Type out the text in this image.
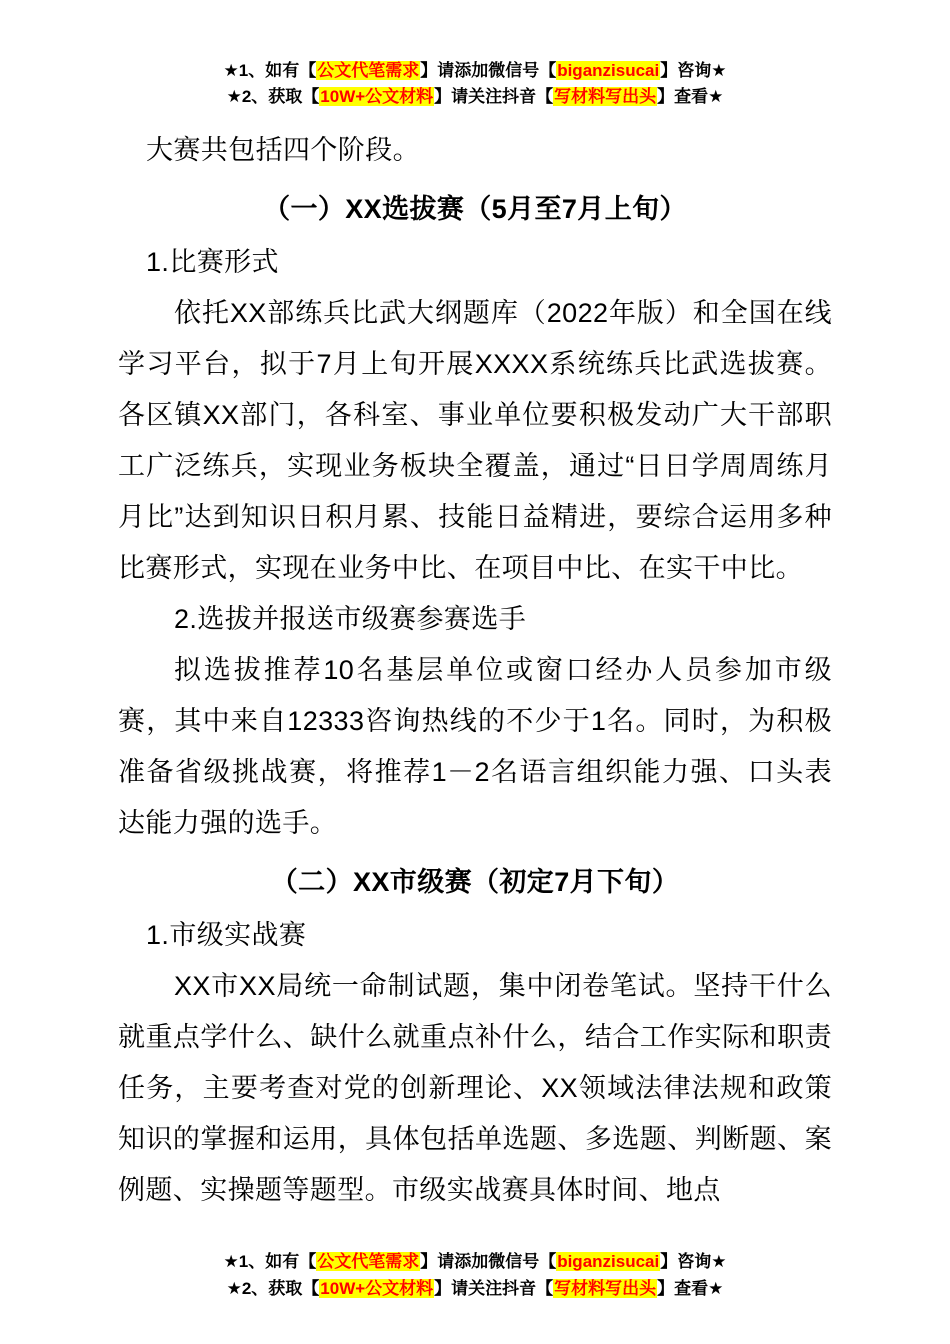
★1、如有【公文代笔需求】请添加微信号【biganzisucai】咨询★
★2、获取【10W+公文材料】请关注抖音【写材料写出头】查看★

大赛共包括四个阶段。

（一）XX选拔赛（5月至7月上旬）

1.比赛形式

依托XX部练兵比武大纲题库（2022年版）和全国在线学习平台，拟于7月上旬开展XXXX系统练兵比武选拔赛。各区镇XX部门，各科室、事业单位要积极发动广大干部职工广泛练兵，实现业务板块全覆盖，通过“日日学周周练月月比”达到知识日积月累、技能日益精进，要综合运用多种比赛形式，实现在业务中比、在项目中比、在实干中比。

2.选拔并报送市级赛参赛选手

拟选拔推荐10名基层单位或窗口经办人员参加市级赛，其中来自12333咨询热线的不少于1名。同时，为积极准备省级挑战赛，将推荐1－2名语言组织能力强、口头表达能力强的选手。

（二）XX市级赛（初定7月下旬）

1.市级实战赛

XX市XX局统一命制试题，集中闭卷笔试。坚持干什么就重点学什么、缺什么就重点补什么，结合工作实际和职责任务，主要考查对党的创新理论、XX领域法律法规和政策知识的掌握和运用，具体包括单选题、多选题、判断题、案例题、实操题等题型。市级实战赛具体时间、地点

★1、如有【公文代笔需求】请添加微信号【biganzisucai】咨询★
★2、获取【10W+公文材料】请关注抖音【写材料写出头】查看★
